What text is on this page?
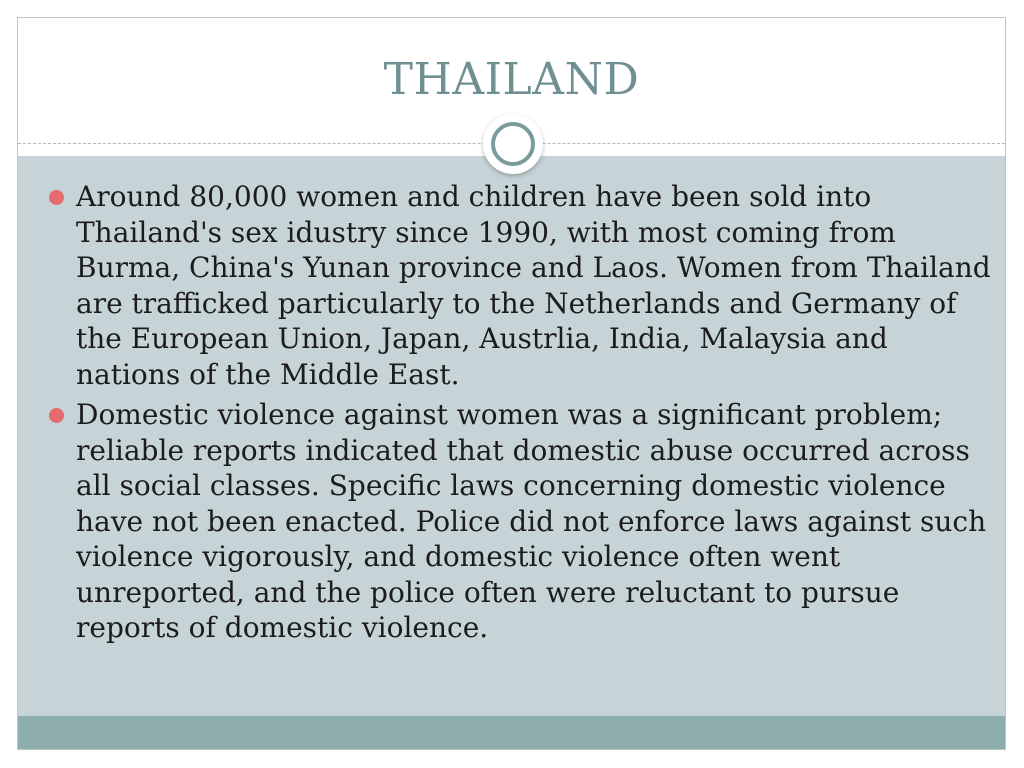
THAILAND
Around 80,000 women and children have been sold into Thailand's sex idustry since 1990, with most coming from Burma, China's Yunan province and Laos. Women from Thailand are trafficked particularly to the Netherlands and Germany of the European Union, Japan, Austrlia, India, Malaysia and nations of the Middle East.
Domestic violence against women was a significant problem; reliable reports indicated that domestic abuse occurred across all social classes. Specific laws concerning domestic violence have not been enacted. Police did not enforce laws against such violence vigorously, and domestic violence often went unreported, and the police often were reluctant to pursue reports of domestic violence.
